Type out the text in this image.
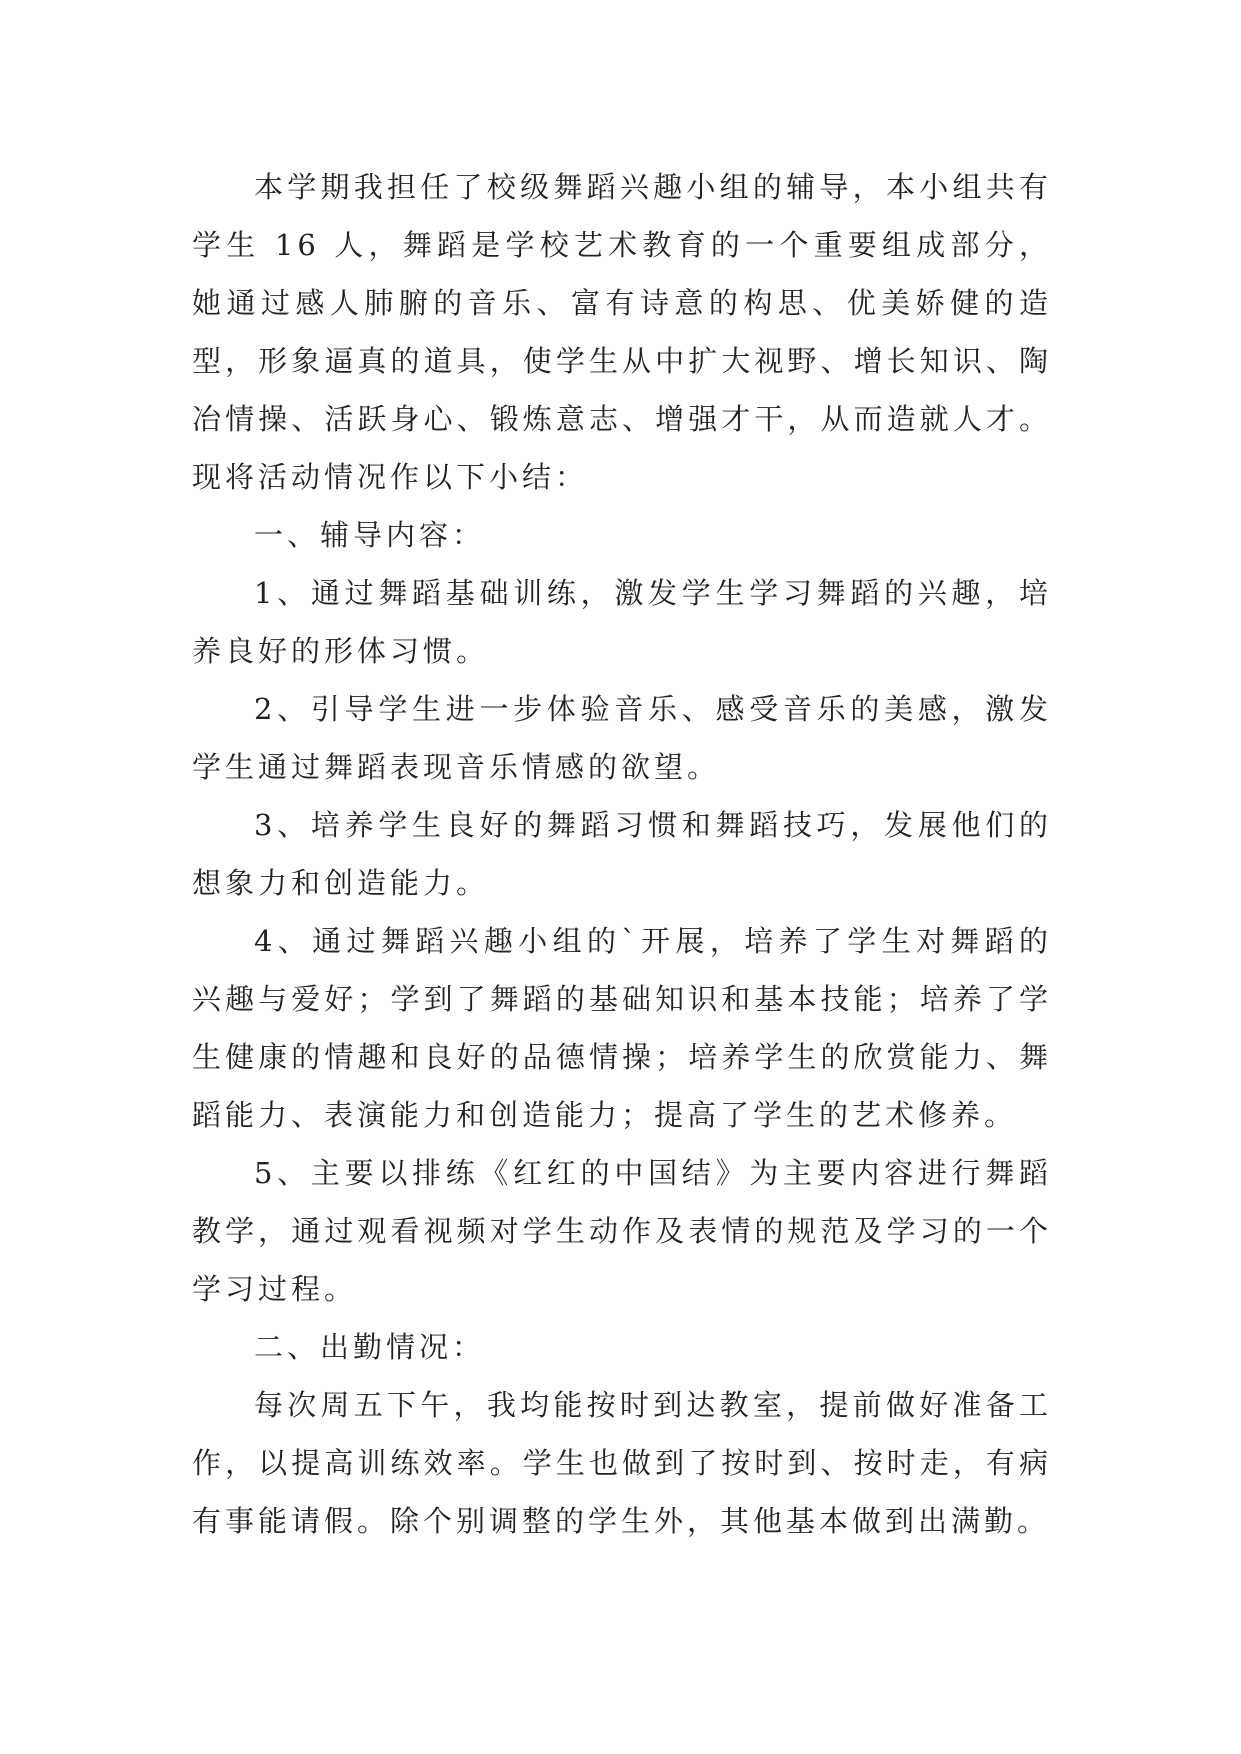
本学期我担任了校级舞蹈兴趣小组的辅导，本小组共有学生 16 人，舞蹈是学校艺术教育的一个重要组成部分，她通过感人肺腑的音乐、富有诗意的构思、优美娇健的造型，形象逼真的道具，使学生从中扩大视野、增长知识、陶冶情操、活跃身心、锻炼意志、增强才干，从而造就人才。现将活动情况作以下小结：

一、辅导内容：

1、通过舞蹈基础训练，激发学生学习舞蹈的兴趣，培养良好的形体习惯。

2、引导学生进一步体验音乐、感受音乐的美感，激发学生通过舞蹈表现音乐情感的欲望。

3、培养学生良好的舞蹈习惯和舞蹈技巧，发展他们的想象力和创造能力。

4、通过舞蹈兴趣小组的`开展，培养了学生对舞蹈的兴趣与爱好；学到了舞蹈的基础知识和基本技能；培养了学生健康的情趣和良好的品德情操；培养学生的欣赏能力、舞蹈能力、表演能力和创造能力；提高了学生的艺术修养。

5、主要以排练《红红的中国结》为主要内容进行舞蹈教学，通过观看视频对学生动作及表情的规范及学习的一个学习过程。

二、出勤情况：

每次周五下午，我均能按时到达教室，提前做好准备工作，以提高训练效率。学生也做到了按时到、按时走，有病有事能请假。除个别调整的学生外，其他基本做到出满勤。
